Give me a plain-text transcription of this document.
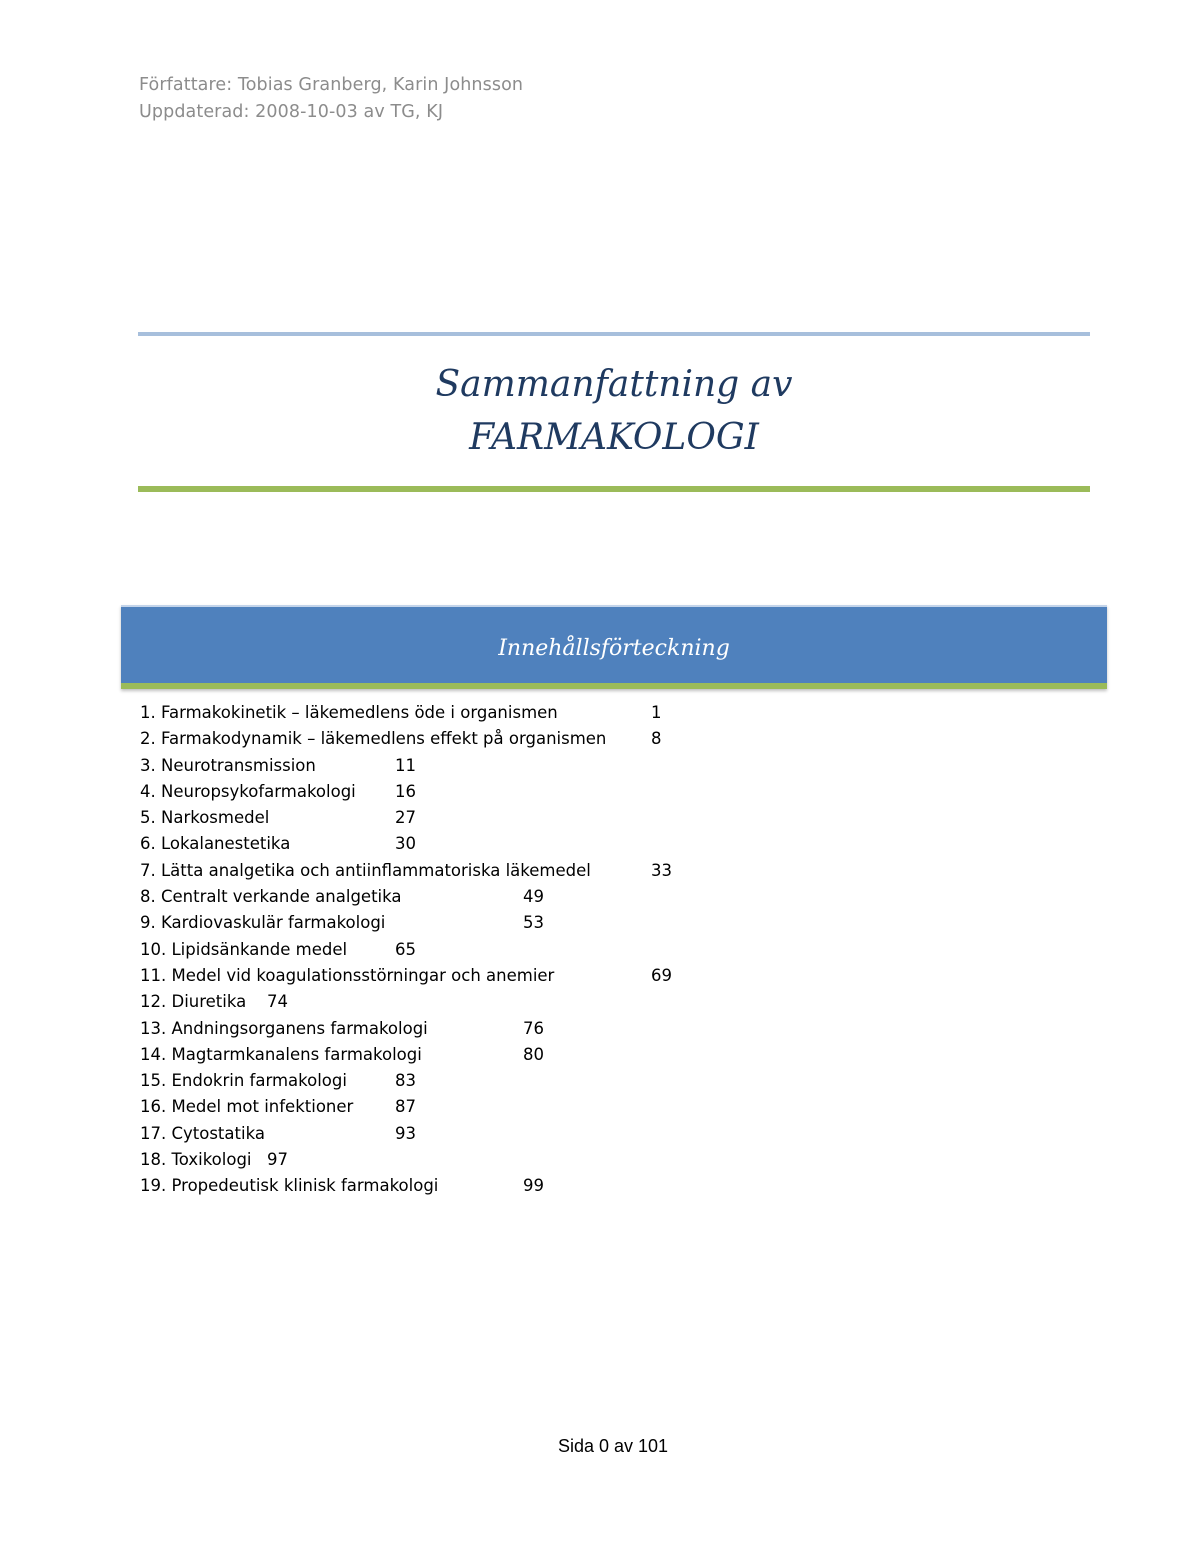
Författare: Tobias Granberg, Karin Johnsson
Uppdaterad: 2008-10-03 av TG, KJ
Sammanfattning av
FARMAKOLOGI
Innehållsförteckning
1. Farmakokinetik – läkemedlens öde i organismen	1
2. Farmakodynamik – läkemedlens effekt på organismen	8
3. Neurotransmission	11
4. Neuropsykofarmakologi 16
5. Narkosmedel	27
6. Lokalanestetika	30
7. Lätta analgetika och antiinflammatoriska läkemedel	33
8. Centralt verkande analgetika	49
9. Kardiovaskulär farmakologi	53
10. Lipidsänkande medel	65
11. Medel vid koagulationsstörningar och anemier	69
12. Diuretika 74
13. Andningsorganens farmakologi	76
14. Magtarmkanalens farmakologi	80
15. Endokrin farmakologi	83
16. Medel mot infektioner	87
17. Cytostatika	93
18. Toxikologi 97
19. Propedeutisk klinisk farmakologi	99
Sida 0 av 101
